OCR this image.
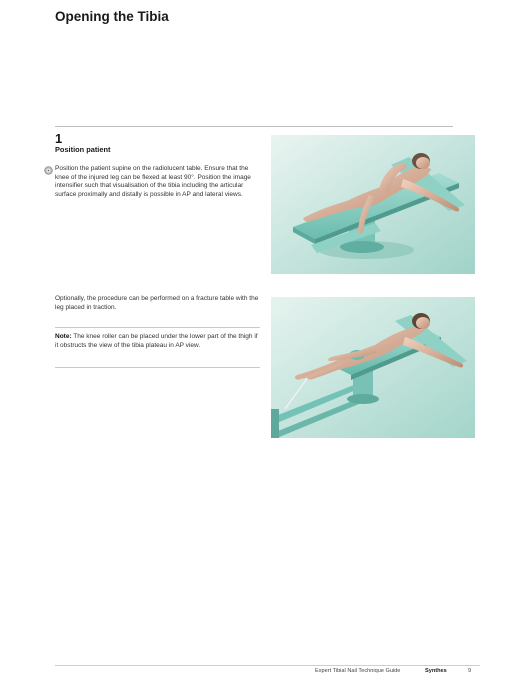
Opening the Tibia
1
Position patient
Position the patient supine on the radiolucent table. Ensure that the knee of the injured leg can be flexed at least 90°. Position the image intensifier such that visualisation of the tibia including the articular surface proximally and distally is possible in AP and lateral views.
Optionally, the procedure can be performed on a fracture table with the leg placed in traction.
Note: The knee roller can be placed under the lower part of the thigh if it obstructs the view of the tibia plateau in AP view.
Expert Tibial Nail Technique Guide	Synthes	9
